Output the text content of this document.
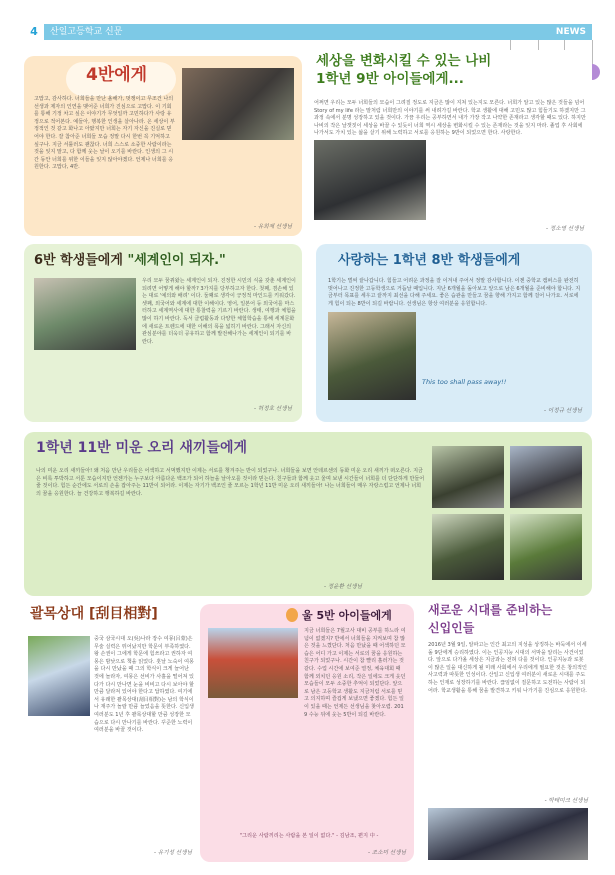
4	산일고등학교 신문	NEWS
4반에게
고맙고, 감사하다. 너희들을 만난 올해가, 멋쟁이고 무조건 나의 선생과 제자의 인연을 맺어준 너희가 진심으로 고맙다. 이 기회를 통해 기정 차고 싶은 이야기가 무엇일까 고민하다가 사랑 유정으로 적어본다. 예들아, 행복한 인생을 살아나라. 온 세상이 부정적인 것 같고 화나고 아팠지만 너희는 자기 자신을 진실로 믿어야 한다. 잘 참아준 너희들 모습 정말 다시 한번 꼭 기억하고 싶구나. 지금 서툴러도 괜찮다. 너희 스스로 소중한 사람이라는 것을 잊지 말고, 다 함께 웃는 날이 오기를 바란다. 인생의 그 시간 동안 너희를 위한 이들을 잊지 않아야겠다. 언제나 너희를 응원한다. 고맙다, 4반.
- 유희재 선생님
세상을 변화시킬 수 있는 나비
1학년 9반 아이들에게...
어쩌면 우리는 모두 너희들의 모습이 그려질 정도로 지금은 많이 지쳐 있는지도 모른다. 너희가 알고 있는 많은 것들을 넘어 Story of my life 라는 말처럼 너희만의 이야기를 써 내려가길 바란다. 학교 생활에 대해 고민도 많고 힘들기도 하겠지만 그 과정 속에서 분명 성장하고 있을 것이다. 가끔 우리는 공부하면서 내가 가장 작고 나약한 존재라고 생각할 때도 있다. 하지만 나비의 작은 날갯짓이 세상을 바꿀 수 있듯이 너희 역시 세상을 변화시킬 수 있는 존재라는 것을 잊지 마라. 졸업 후 사회에 나가서도 가치 있는 삶을 살기 위해 노력하고 서로를 응원하는 9반이 되었으면 한다. 사랑한다.
- 정소영 선생님
6반 학생들에게 "세계인이 되자."
우리 모두 꿈꿔왔는 세계인이 되자. 진정한 시민의 식을 갖춘 세계인이 되려면 어떻게 해야 할까? 3가지를 당부하고자 한다. 첫째, 겸손해 있는 대로 '예의와 배려' 이다. 둘째로 생각이 긍정적 마인드를 키워갔다. 셋째, 외국어와 세계에 대한 이해이다. 영어, 일본어 등 외국어를 마스터하고 세계역사에 대한 통찰력을 기르기 바란다. 생태, 여행과 체험을 많이 하기 바란다. 독서 클럽활동과 다양한 체험학습을 통해 세계문화에 새로운 트렌드에 대한 이해의 폭을 넓히기 바란다. 그래서 자신의 관심분야를 더욱더 공유하고 함께 발전해나가는 세계인이 되기를 바란다.
- 허정호 선생님
사랑하는 1학년 8반 학생들에게
1학기는 벌써 끝나갑니다. 힘들고 어려운 과정을 잘 이겨내 주어서 정말 감사합니다. 이젠 중학교 캠퍼스를 완전히 벗어나고 진정한 고등학생으로 거듭날 때입니다. 지난 6개월을 돌아보고 앞으로 남은 6개월을 준비해야 합니다. 지금부터 목표를 세우고 끝까지 최선을 다해 주세요. 좋은 습관을 만들고 꿈을 향해 가지고 함께 걸어 나가요. 서로에게 힘이 되는 8반이 되길 바랍니다. 선생님은 항상 여러분을 응원합니다.
This too shall pass away!!
- 이정규 선생님
1학년 11반 미운 오리 새끼들에게
나의 미운 오리 새끼들아! 왜 처음 만난 우리들은 어색하고 서먹했지만 이제는 서로를 챙겨주는 반이 되었구나. 너희들을 보면 안데르센의 동화 미운 오리 새끼가 떠오른다. 지금은 비록 투박하고 서툰 모습이지만 언젠가는 누구보다 아름다운 백조가 되어 하늘을 날아오를 것이라 믿는다. 친구들과 함께 웃고 울며 보낸 시간들이 너희를 더 단단하게 만들어 줄 것이다. 힘든 순간에도 서로의 손을 잡아주는 11반이 되어라. 이제는 자기가 백조인 줄 모르는 1학년 11반 미운 오리 새끼들아! 나는 너희들이 매우 자랑스럽고 언제나 너희의 꿈을 응원한다. 늘 건강하고 행복하길 바란다.
- 정윤환 선생님
괄목상대 [刮目相對]
중국 삼국시대 오(吳)나라 장수 여몽(呂蒙)은 무술 실력은 뛰어났지만 학문이 부족하였다. 왕 손권이 그에게 학문에 힘쓰라고 권하자 여몽은 밤낮으로 책을 읽었다. 훗날 노숙이 여몽을 다시 만났을 때 그의 학식이 크게 늘어난 것에 놀라자, 여몽은 선비가 사흘을 떨어져 있다가 다시 만나면 눈을 비비고 다시 보아야 할 만큼 달라져 있어야 한다고 답하였다. 여기에서 유래한 괄목상대(刮目相對)는 남의 학식이나 재주가 놀랄 만큼 늘었음을 뜻한다. 신입생 여러분도 1년 후 괄목상대할 만큼 성장한 모습으로 다시 만나기를 바란다. 꾸준한 노력이 여러분을 바꿀 것이다.
- 유기성 선생님
울 5반 아이들에게
지금 너희들은 7월고사 대비 공부를 하느라 여념이 없겠지? 반에서 너희들을 지켜보며 참 많은 것을 느꼈단다. 처음 만났을 때 어색하던 모습은 어디 가고 이제는 서로의 꿈을 응원하는 친구가 되었구나. 시간이 참 빨리 흘러가는 것 같다. 수업 시간에 보여준 열정, 체육대회 때 함께 외치던 응원 소리, 작은 일에도 크게 웃던 모습들이 모두 소중한 추억이 되었단다. 앞으로 남은 고등학교 생활도 지금처럼 서로를 믿고 의지하며 즐겁게 보냈으면 좋겠다. 힘든 일이 있을 때는 언제든 선생님을 찾아오렴. 2019 수능 뒤에 웃는 5반이 되길 바란다.
"그리운 사람끼리는 사람을 본 일이 없다." - 김남조, 편지 中 -
- 조소미 선생님
새로운 시대를 준비하는
신입인들
2016년 3월 9일, 알파고는 인간 최고의 지성을 상징하는 바둑에서 이세돌 9단에게 승리하였다. 이는 인공지능 시대의 서막을 알리는 사건이었다. 앞으로 다가올 세상은 지금과는 전혀 다를 것이다. 인공지능과 로봇이 많은 일을 대신하게 될 미래 사회에서 우리에게 필요한 것은 창의적인 사고력과 따뜻한 인성이다. 산일고 신입생 여러분이 새로운 시대를 주도하는 인재로 성장하기를 바란다. 끊임없이 질문하고 도전하는 사람이 되어라. 학교생활을 통해 꿈을 발견하고 키워 나가기를 진심으로 응원한다.
- 박태미크 선생님
